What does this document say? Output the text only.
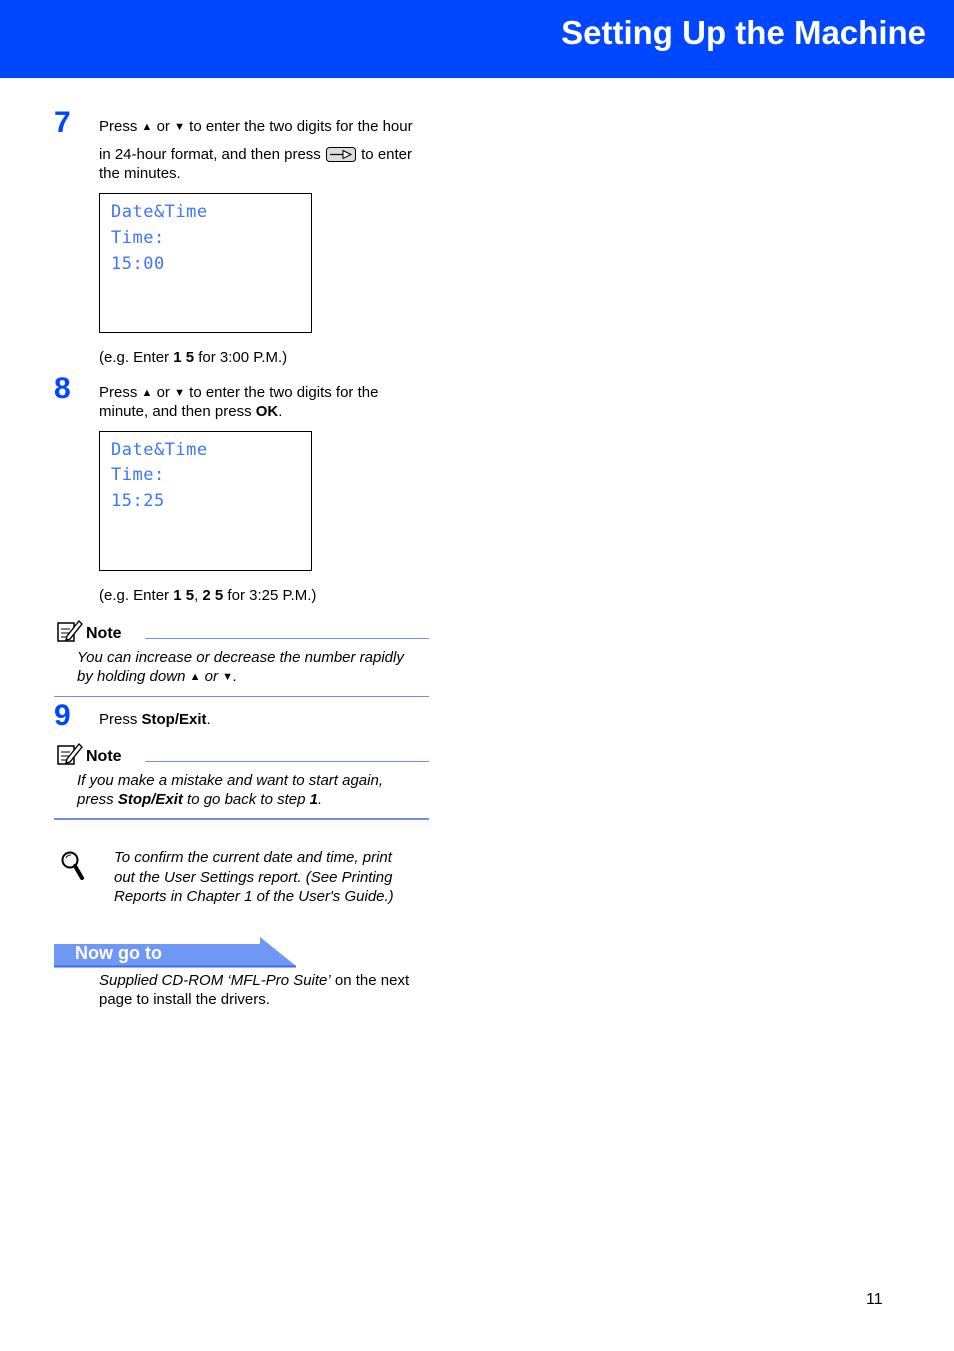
Setting Up the Machine
7 Press ▲ or ▼ to enter the two digits for the hour
in 24-hour format, and then press  to enter
the minutes.
Date&Time
Time:
15:00
(e.g. Enter 1 5 for 3:00 P.M.)
8 Press ▲ or ▼ to enter the two digits for the
minute, and then press OK.
Date&Time
Time:
15:25
(e.g. Enter 1 5, 2 5 for 3:25 P.M.)
Note
You can increase or decrease the number rapidly
by holding down ▲ or ▼.
9 Press Stop/Exit.
Note
If you make a mistake and want to start again,
press Stop/Exit to go back to step 1.
To confirm the current date and time, print
out the User Settings report. (See Printing
Reports in Chapter 1 of the User's Guide.)
Now go to
Supplied CD-ROM ‘MFL-Pro Suite’ on the next
page to install the drivers.
11
